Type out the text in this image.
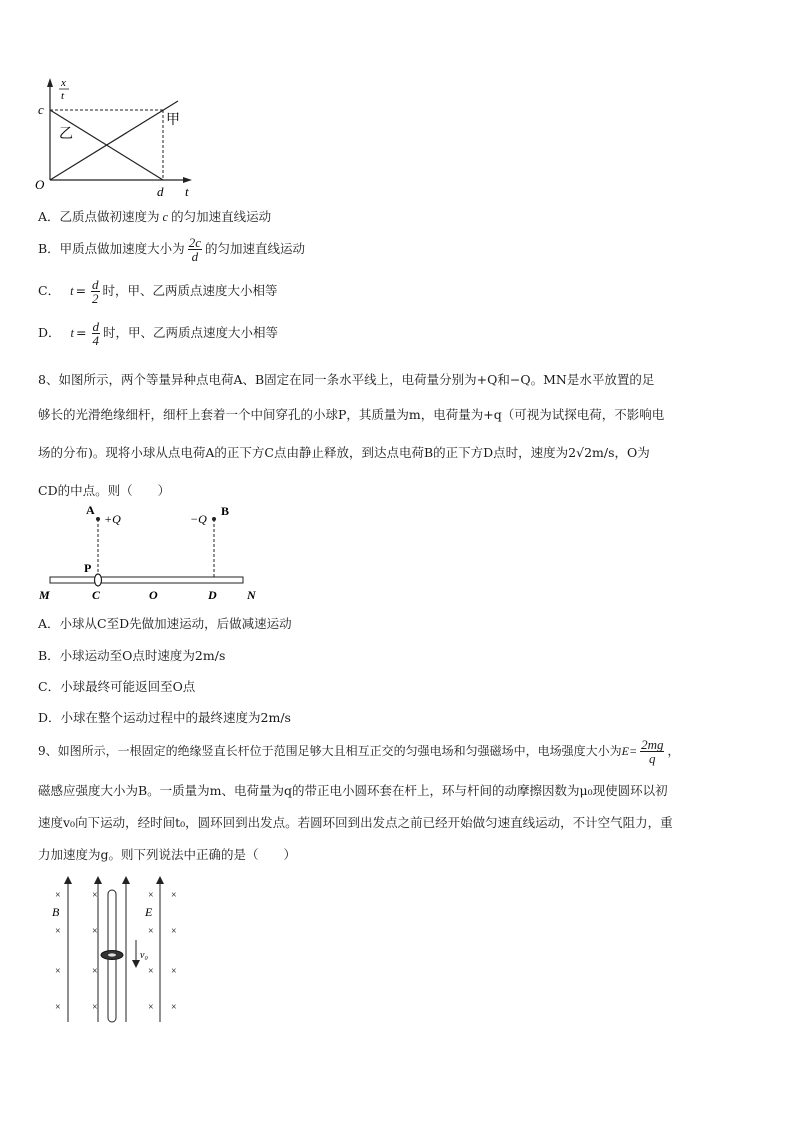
x
t
c
乙
甲
O	d t
A．乙质点做初速度为 c 的匀加速直线运动
B．甲质点做加速度大小为 $\frac{2c}{d}$ 的匀加速直线运动
C． $t = \frac{d}{2}$ 时，甲、乙两质点速度大小相等
D． $t = \frac{d}{4}$ 时，甲、乙两质点速度大小相等
8、如图所示，两个等量异种点电荷A、B固定在同一条水平线上，电荷量分别为+Q和−Q。MN是水平放置的足
够长的光滑绝缘细杆，细杆上套着一个中间穿孔的小球P，其质量为m，电荷量为+q（可视为试探电荷，不影响电
场的分布)。现将小球从点电荷A的正下方C点由静止释放，到达点电荷B的正下方D点时，速度为2√2m/s，O为
CD的中点。则（　　）
A
+Q	−Q
B
P
M	C	O	D	N
A．小球从C至D先做加速运动，后做减速运动
B．小球运动至O点时速度为2m/s
C．小球最终可能返回至O点
D．小球在整个运动过程中的最终速度为2m/s
9、如图所示，一根固定的绝缘竖直长杆位于范围足够大且相互正交的匀强电场和匀强磁场中，电场强度大小为$E= \frac{2mg}{q}$ ，
磁感应强度大小为B。一质量为m、电荷量为q的带正电小圆环套在杆上，环与杆间的动摩擦因数为μ₀现使圆环以初
速度v₀向下运动，经时间t₀，圆环回到出发点。若圆环回到出发点之前已经开始做匀速直线运动，不计空气阻力，重
力加速度为g。则下列说法中正确的是（　　）
×
×
×
×
×
×
×
×
×
×
×
×
×
×
×
×
v₀
B	E
